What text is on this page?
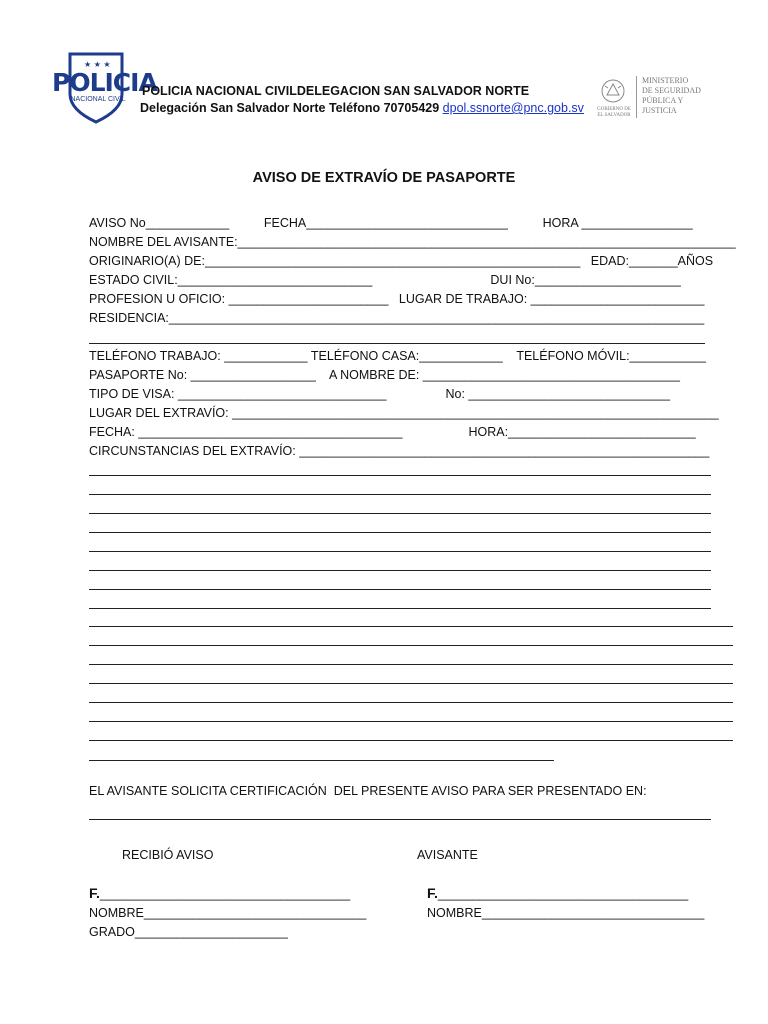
★ ★ ★
POLICIA
NACIONAL CIVIL
POLICIA NACIONAL CIVILDELEGACION SAN SALVADOR NORTE
Delegación San Salvador Norte Teléfono 70705429 dpol.ssnorte@pnc.gob.sv	GOBIERNO DE EL SALVADOR
MINISTERIO
DE SEGURIDAD
PÚBLICA Y
JUSTICIA
AVISO DE EXTRAVÍO DE PASAPORTE
AVISO No____________          FECHA_____________________________          HORA ________________
NOMBRE DEL AVISANTE:________________________________________________________________________
ORIGINARIO(A) DE:______________________________________________________   EDAD:_______AÑOS
ESTADO CIVIL:____________________________                                  DUI No:_____________________
PROFESION U OFICIO: _______________________   LUGAR DE TRABAJO: _________________________
RESIDENCIA:_____________________________________________________________________________
TELÉFONO TRABAJO: ____________ TELÉFONO CASA:____________    TELÉFONO MÓVIL:___________
PASAPORTE No: __________________    A NOMBRE DE: _____________________________________
TIPO DE VISA: ______________________________                 No: _____________________________
LUGAR DEL EXTRAVÍO: ______________________________________________________________________
FECHA: ______________________________________                   HORA:___________________________
CIRCUNSTANCIAS DEL EXTRAVÍO: ___________________________________________________________
EL AVISANTE SOLICITA CERTIFICACIÓN  DEL PRESENTE AVISO PARA SER PRESENTADO EN:
RECIBIÓ AVISO	AVISANTE
F.____________________________________	F.____________________________________
NOMBRE________________________________	NOMBRE________________________________
GRADO______________________
